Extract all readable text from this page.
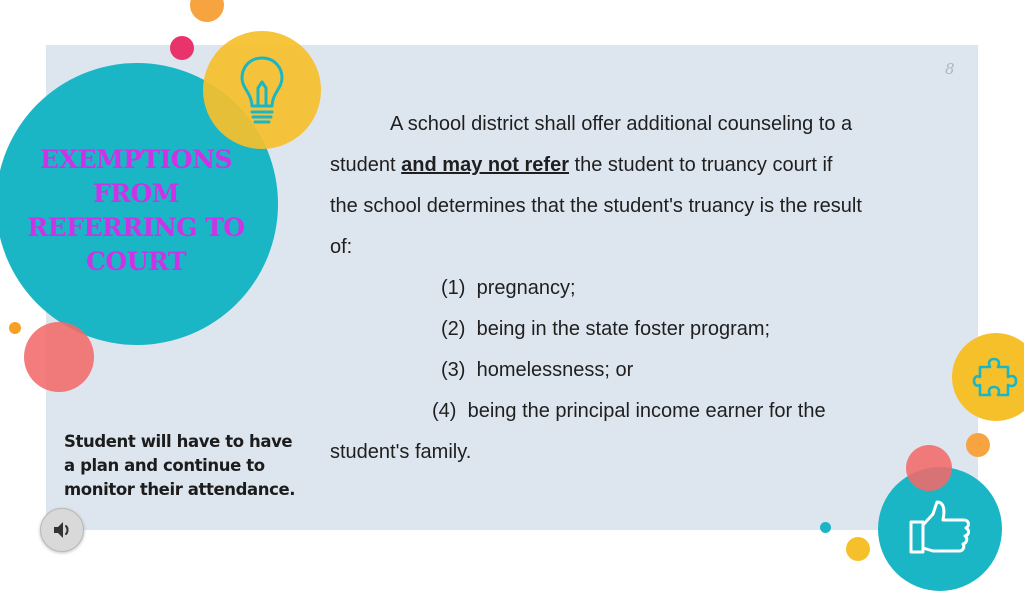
8
EXEMPTIONS
FROM
REFERRING TO
COURT
Student will have to have
a plan and continue to
monitor their attendance.
A school district shall offer additional counseling to a
student and may not refer the student to truancy court if
the school determines that the student's truancy is the result
of:
(1) pregnancy;
(2) being in the state foster program;
(3) homelessness; or
(4) being the principal income earner for the
student's family.
